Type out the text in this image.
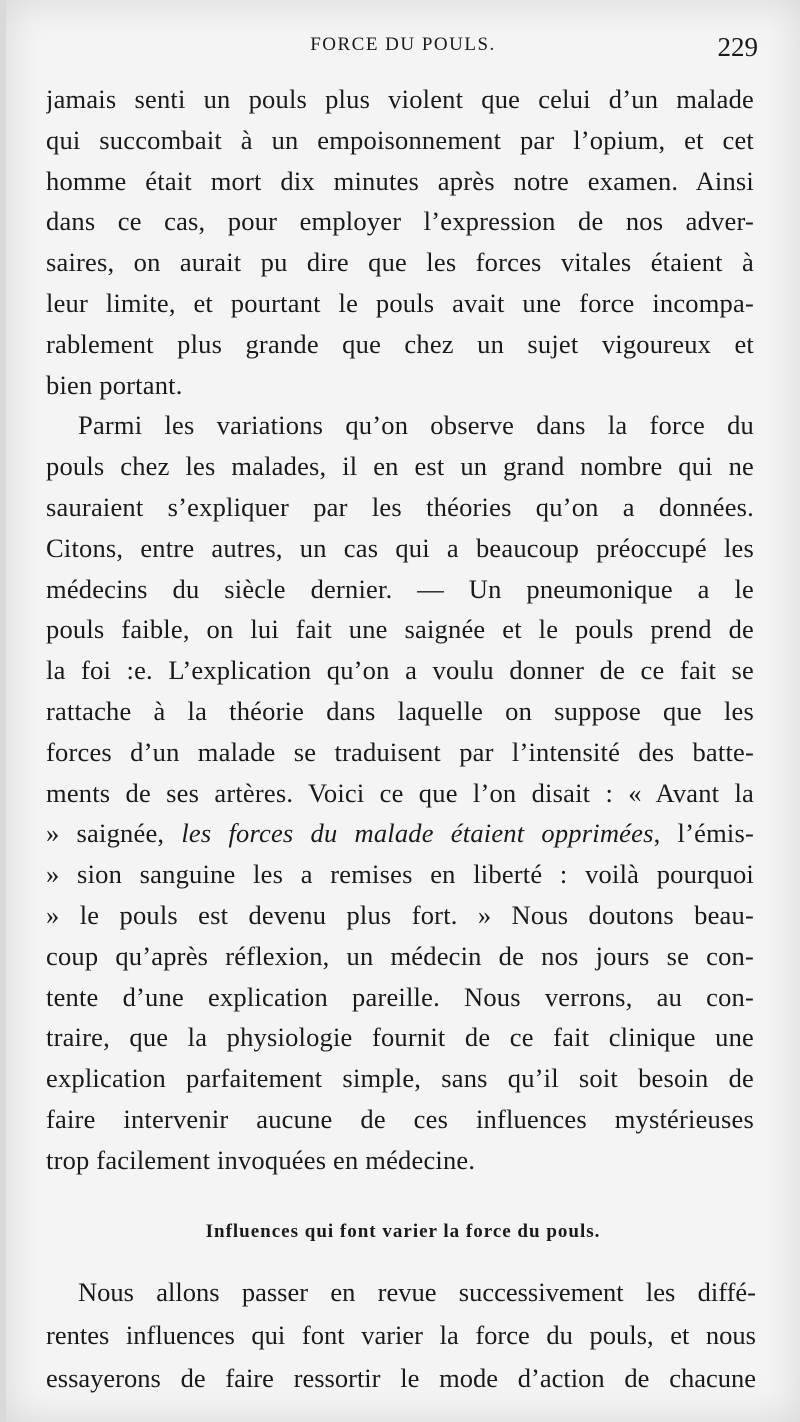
FORCE DU POULS.	229
jamais senti un pouls plus violent que celui d’un malade
qui succombait à un empoisonnement par l’opium, et cet
homme était mort dix minutes après notre examen. Ainsi
dans ce cas, pour employer l’expression de nos adver-
saires, on aurait pu dire que les forces vitales étaient à
leur limite, et pourtant le pouls avait une force incompa-
rablement plus grande que chez un sujet vigoureux et
bien portant.
Parmi les variations qu’on observe dans la force du
pouls chez les malades, il en est un grand nombre qui ne
sauraient s’expliquer par les théories qu’on a données.
Citons, entre autres, un cas qui a beaucoup préoccupé les
médecins du siècle dernier. — Un pneumonique a le
pouls faible, on lui fait une saignée et le pouls prend de
la foi :e. L’explication qu’on a voulu donner de ce fait se
rattache à la théorie dans laquelle on suppose que les
forces d’un malade se traduisent par l’intensité des batte-
ments de ses artères. Voici ce que l’on disait : « Avant la
» saignée, les forces du malade étaient opprimées, l’émis-
» sion sanguine les a remises en liberté : voilà pourquoi
» le pouls est devenu plus fort. » Nous doutons beau-
coup qu’après réflexion, un médecin de nos jours se con-
tente d’une explication pareille. Nous verrons, au con-
traire, que la physiologie fournit de ce fait clinique une
explication parfaitement simple, sans qu’il soit besoin de
faire intervenir aucune de ces influences mystérieuses
trop facilement invoquées en médecine.
Influences qui font varier la force du pouls.
Nous allons passer en revue successivement les diffé-
rentes influences qui font varier la force du pouls, et nous
essayerons de faire ressortir le mode d’action de chacune
